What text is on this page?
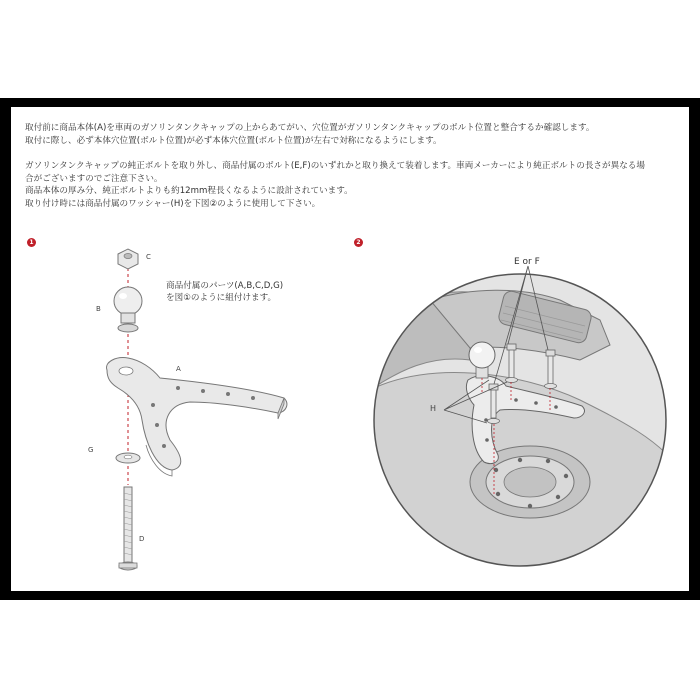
取付前に商品本体(A)を車両のガソリンタンクキャップの上からあてがい、穴位置がガソリンタンクキャップのボルト位置と整合するか確認します。

取付に際し、必ず本体穴位置(ボルト位置)が必ず本体穴位置(ボルト位置)が左右で対称になるようにします。

ガソリンタンクキャップの純正ボルトを取り外し、商品付属のボルト(E,F)のいずれかと取り換えて装着します。車両メーカーにより純正ボルトの長さが異なる場

合がございますのでご注意下さい。

商品本体の厚み分、純正ボルトよりも約12mm程長くなるように設計されています。

取り付け時には商品付属のワッシャー(H)を下図②のように使用して下さい。

1	2
C
B
A
G
D

商品付属のパーツ(A,B,C,D,G)

を図①のように組付けます。

E or F
H
